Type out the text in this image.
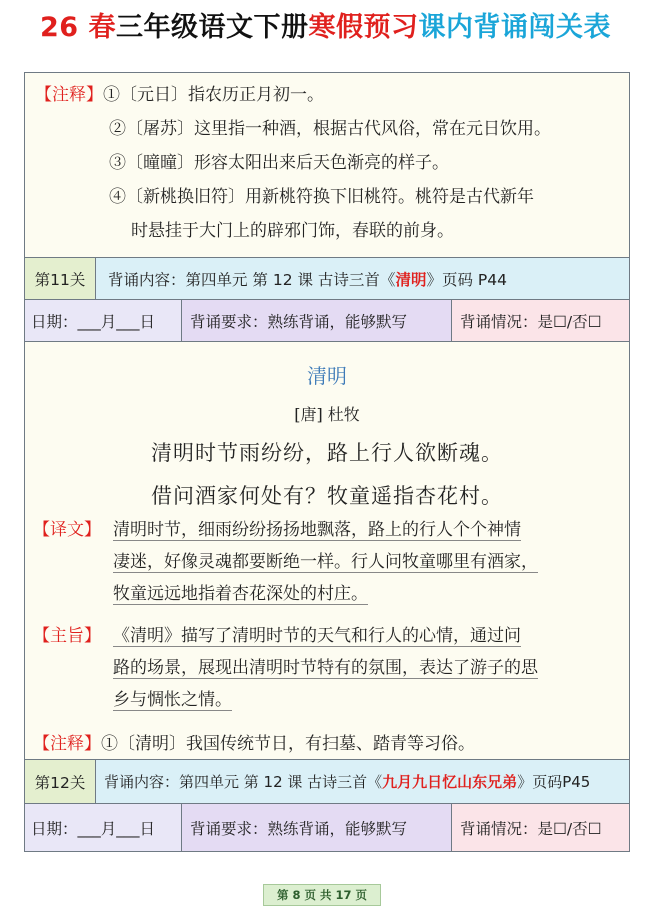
26 春三年级语文下册寒假预习课内背诵闯关表
【注释】①〔元日〕指农历正月初一。
②〔屠苏〕这里指一种酒，根据古代风俗，常在元日饮用。
③〔曈曈〕形容太阳出来后天色渐亮的样子。
④〔新桃换旧符〕用新桃符换下旧桃符。桃符是古代新年
时悬挂于大门上的辟邪门饰，春联的前身。
第11关	背诵内容：第四单元 第 12 课 古诗三首《 清明 》页码 P44
日期：___月___日	背诵要求：熟练背诵，能够默写	背诵情况：是☐/否☐
清明
[唐] 杜牧
清明时节雨纷纷，路上行人欲断魂。
借问酒家何处有？牧童遥指杏花村。
【译文】 清明时节，细雨纷纷扬扬地飘落，路上的行人个个神情
凄迷，好像灵魂都要断绝一样。行人问牧童哪里有酒家，
牧童远远地指着杏花深处的村庄。
【主旨】 《清明》描写了清明时节的天气和行人的心情，通过问
路的场景，展现出清明时节特有的氛围，表达了游子的思
乡与惆怅之情。
【注释】①〔清明〕我国传统节日，有扫墓、踏青等习俗。
第12关	背诵内容：第四单元 第 12 课 古诗三首《 九月九日忆山东兄弟 》页码P45
日期：___月___日	背诵要求：熟练背诵，能够默写	背诵情况：是☐/否☐
第 8 页 共 17 页
